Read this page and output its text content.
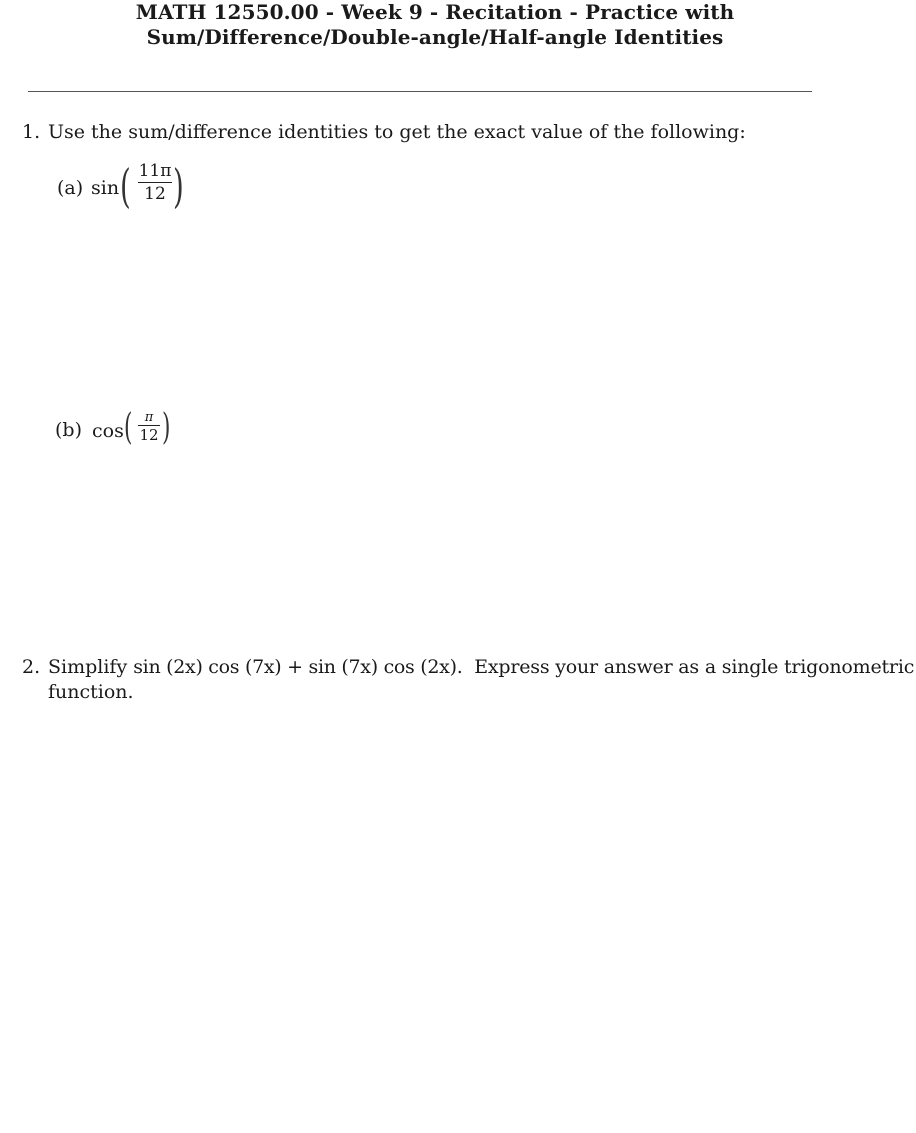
MATH 12550.00 - Week 9 - Recitation - Practice with
Sum/Difference/Double-angle/Half-angle Identities
1. Use the sum/difference identities to get the exact value of the following:
(a) sin ( 11π
12 )
(b) cos ( π
12 )
2. Simplify sin (2x) cos (7x) + sin (7x) cos (2x) .  Express your answer as a single trigonometric
function.
